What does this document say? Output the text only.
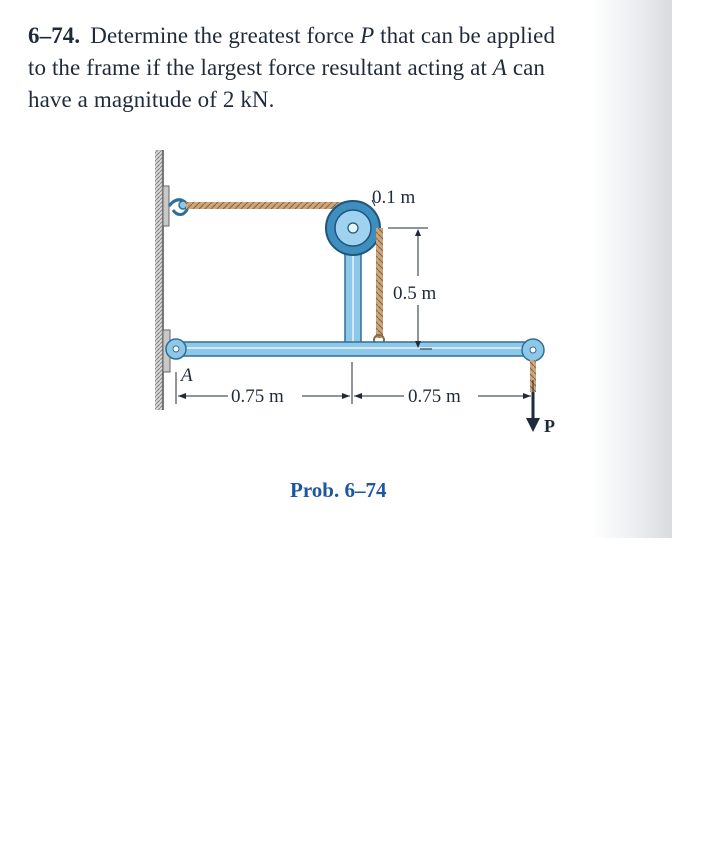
6–74. Determine the greatest force P that can be applied
to the frame if the largest force resultant acting at A can
have a magnitude of 2 kN.
P
A
0.1 m
0.5 m
0.75 m	0.75 m
Prob. 6–74
